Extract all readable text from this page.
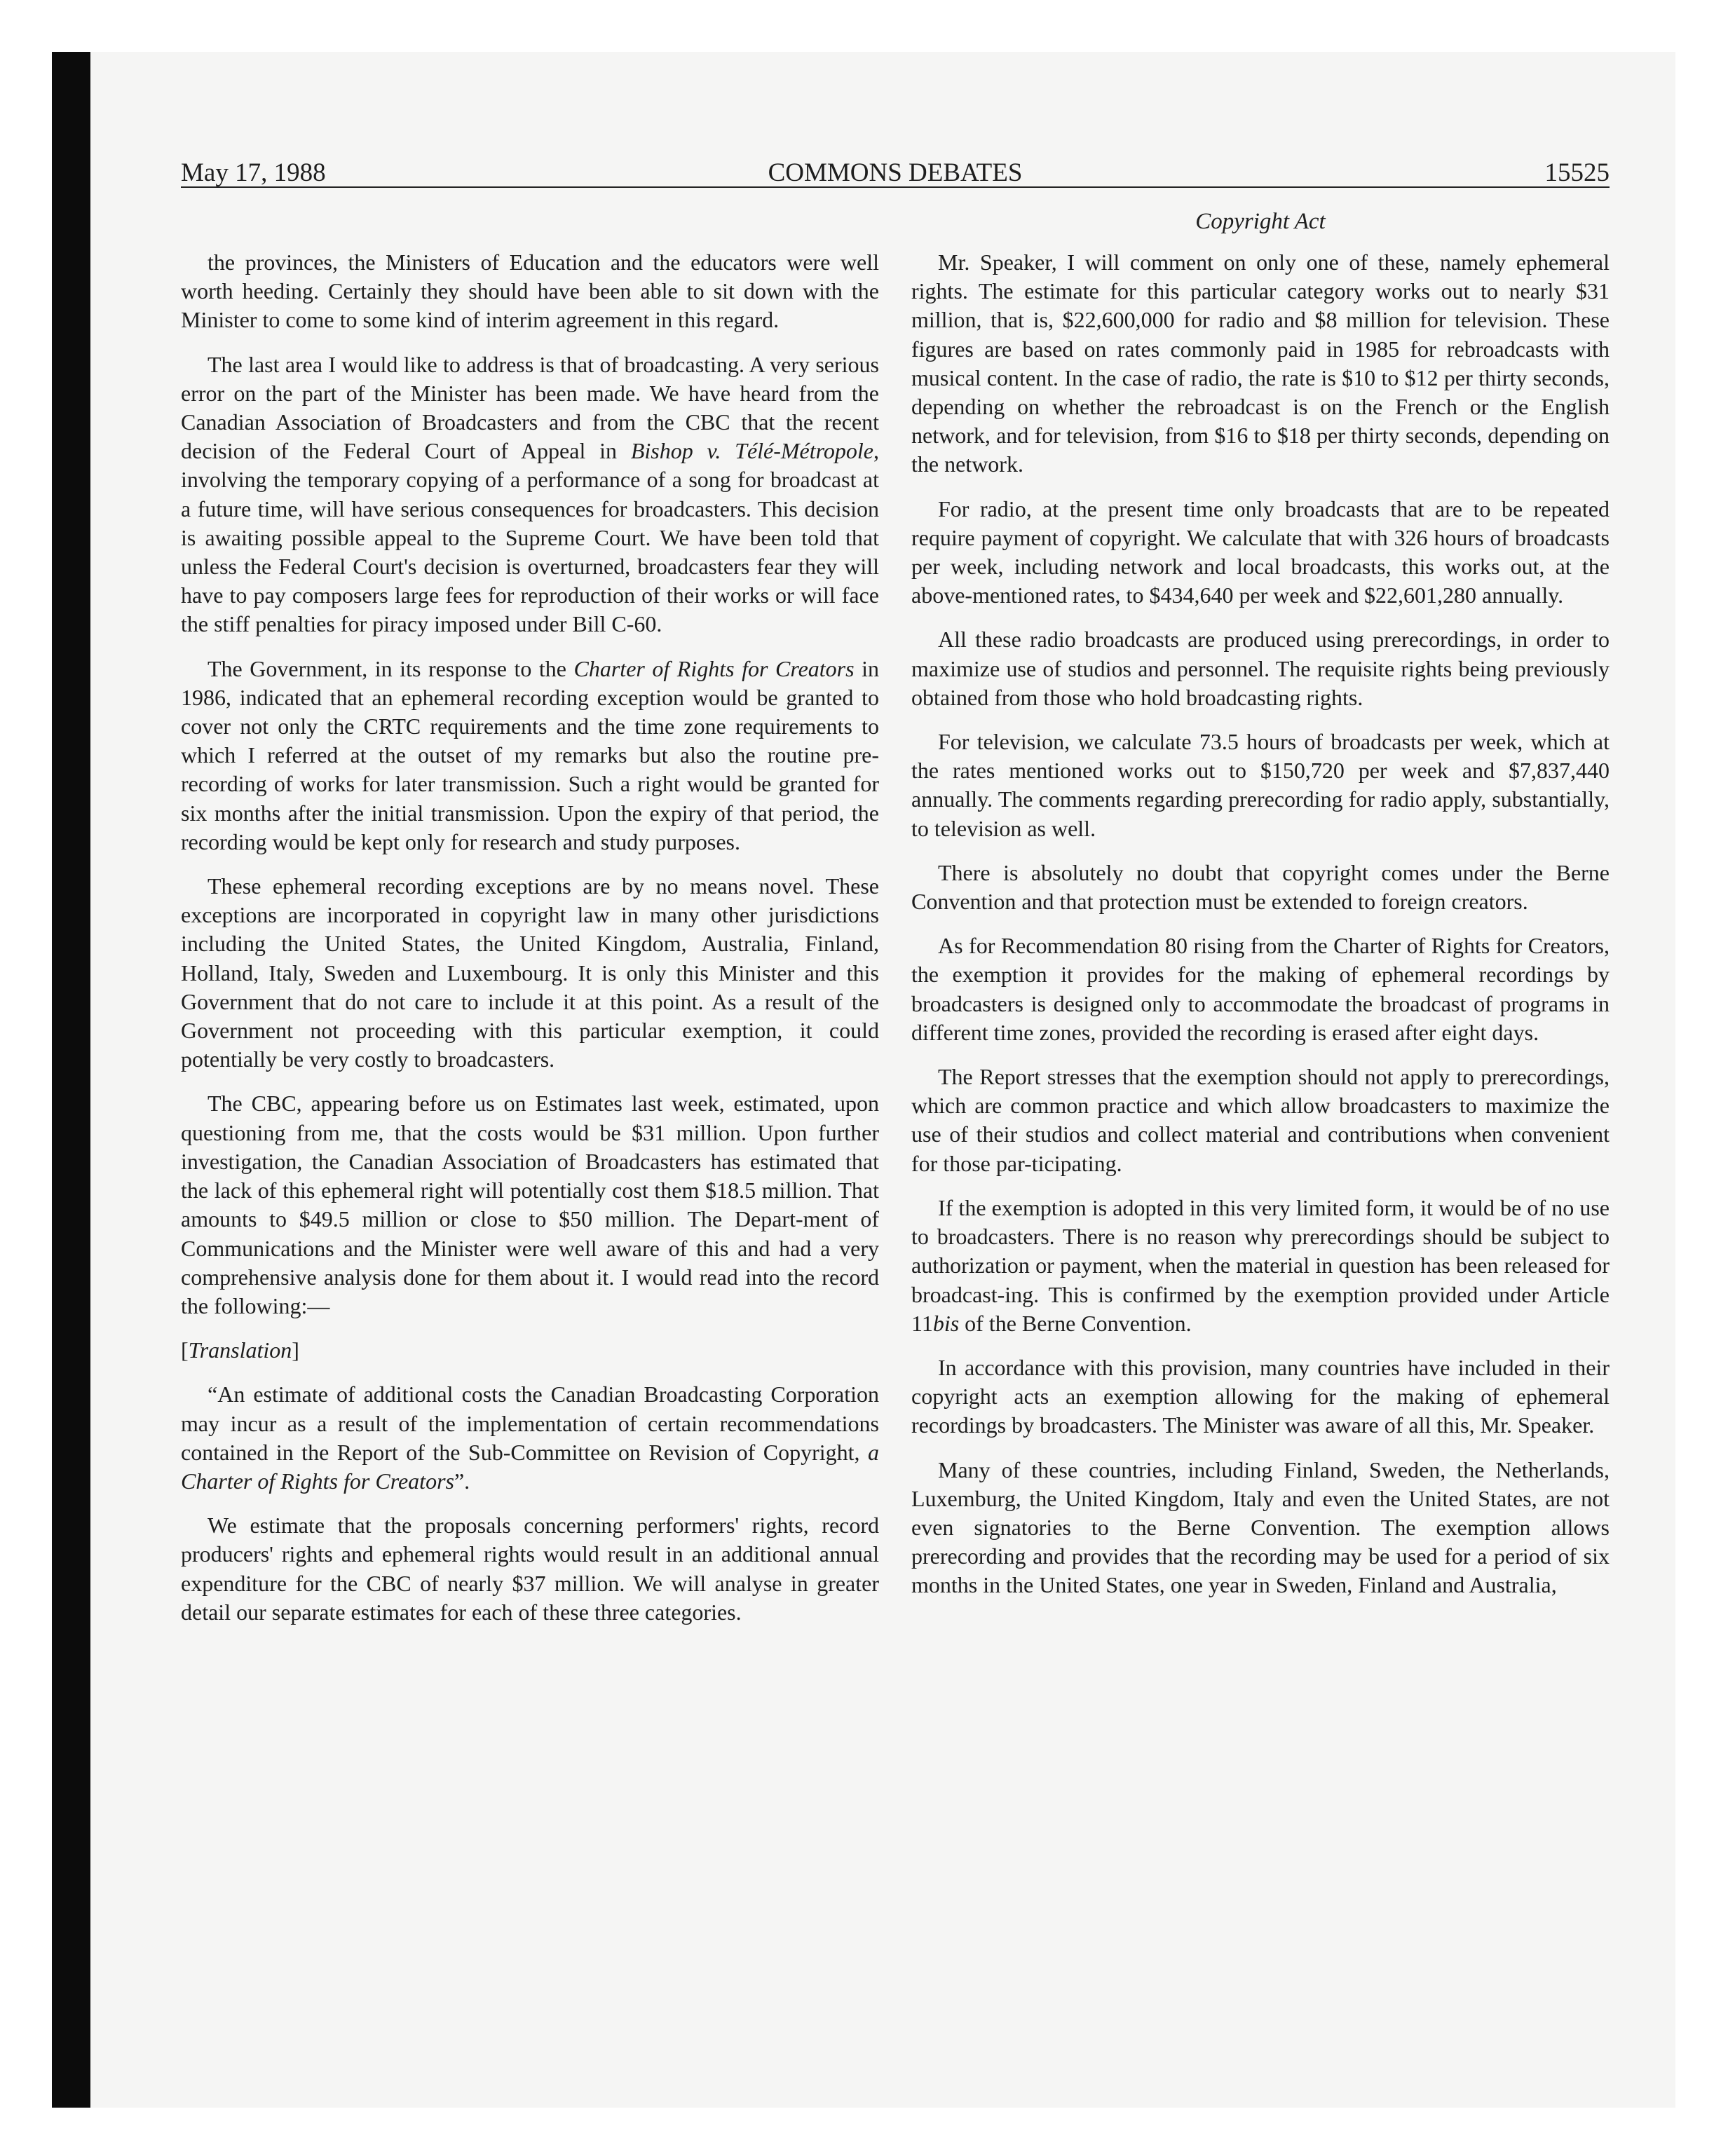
May 17, 1988	COMMONS DEBATES	15525
Copyright Act

the provinces, the Ministers of Education and the educators were well worth heeding. Certainly they should have been able to sit down with the Minister to come to some kind of interim agreement in this regard.

The last area I would like to address is that of broadcasting. A very serious error on the part of the Minister has been made. We have heard from the Canadian Association of Broadcasters and from the CBC that the recent decision of the Federal Court of Appeal in Bishop v. Télé-Métropole, involving the temporary copying of a performance of a song for broadcast at a future time, will have serious consequences for broadcasters. This decision is awaiting possible appeal to the Supreme Court. We have been told that unless the Federal Court's decision is overturned, broadcasters fear they will have to pay composers large fees for reproduction of their works or will face the stiff penalties for piracy imposed under Bill C-60.

The Government, in its response to the Charter of Rights for Creators in 1986, indicated that an ephemeral recording exception would be granted to cover not only the CRTC requirements and the time zone requirements to which I referred at the outset of my remarks but also the routine pre-recording of works for later transmission. Such a right would be granted for six months after the initial transmission. Upon the expiry of that period, the recording would be kept only for research and study purposes.

These ephemeral recording exceptions are by no means novel. These exceptions are incorporated in copyright law in many other jurisdictions including the United States, the United Kingdom, Australia, Finland, Holland, Italy, Sweden and Luxembourg. It is only this Minister and this Government that do not care to include it at this point. As a result of the Government not proceeding with this particular exemption, it could potentially be very costly to broadcasters.

The CBC, appearing before us on Estimates last week, estimated, upon questioning from me, that the costs would be $31 million. Upon further investigation, the Canadian Association of Broadcasters has estimated that the lack of this ephemeral right will potentially cost them $18.5 million. That amounts to $49.5 million or close to $50 million. The Depart-ment of Communications and the Minister were well aware of this and had a very comprehensive analysis done for them about it. I would read into the record the following:—

[Translation]

“An estimate of additional costs the Canadian Broadcasting Corporation may incur as a result of the implementation of certain recommendations contained in the Report of the Sub-Committee on Revision of Copyright, a Charter of Rights for Creators”.

We estimate that the proposals concerning performers' rights, record producers' rights and ephemeral rights would result in an additional annual expenditure for the CBC of nearly $37 million. We will analyse in greater detail our separate estimates for each of these three categories.

Mr. Speaker, I will comment on only one of these, namely ephemeral rights. The estimate for this particular category works out to nearly $31 million, that is, $22,600,000 for radio and $8 million for television. These figures are based on rates commonly paid in 1985 for rebroadcasts with musical content. In the case of radio, the rate is $10 to $12 per thirty seconds, depending on whether the rebroadcast is on the French or the English network, and for television, from $16 to $18 per thirty seconds, depending on the network.

For radio, at the present time only broadcasts that are to be repeated require payment of copyright. We calculate that with 326 hours of broadcasts per week, including network and local broadcasts, this works out, at the above-mentioned rates, to $434,640 per week and $22,601,280 annually.

All these radio broadcasts are produced using prerecordings, in order to maximize use of studios and personnel. The requisite rights being previously obtained from those who hold broadcasting rights.

For television, we calculate 73.5 hours of broadcasts per week, which at the rates mentioned works out to $150,720 per week and $7,837,440 annually. The comments regarding prerecording for radio apply, substantially, to television as well.

There is absolutely no doubt that copyright comes under the Berne Convention and that protection must be extended to foreign creators.

As for Recommendation 80 rising from the Charter of Rights for Creators, the exemption it provides for the making of ephemeral recordings by broadcasters is designed only to accommodate the broadcast of programs in different time zones, provided the recording is erased after eight days.

The Report stresses that the exemption should not apply to prerecordings, which are common practice and which allow broadcasters to maximize the use of their studios and collect material and contributions when convenient for those par-ticipating.

If the exemption is adopted in this very limited form, it would be of no use to broadcasters. There is no reason why prerecordings should be subject to authorization or payment, when the material in question has been released for broadcast-ing. This is confirmed by the exemption provided under Article 11bis of the Berne Convention.

In accordance with this provision, many countries have included in their copyright acts an exemption allowing for the making of ephemeral recordings by broadcasters. The Minister was aware of all this, Mr. Speaker.

Many of these countries, including Finland, Sweden, the Netherlands, Luxemburg, the United Kingdom, Italy and even the United States, are not even signatories to the Berne Convention. The exemption allows prerecording and provides that the recording may be used for a period of six months in the United States, one year in Sweden, Finland and Australia,
